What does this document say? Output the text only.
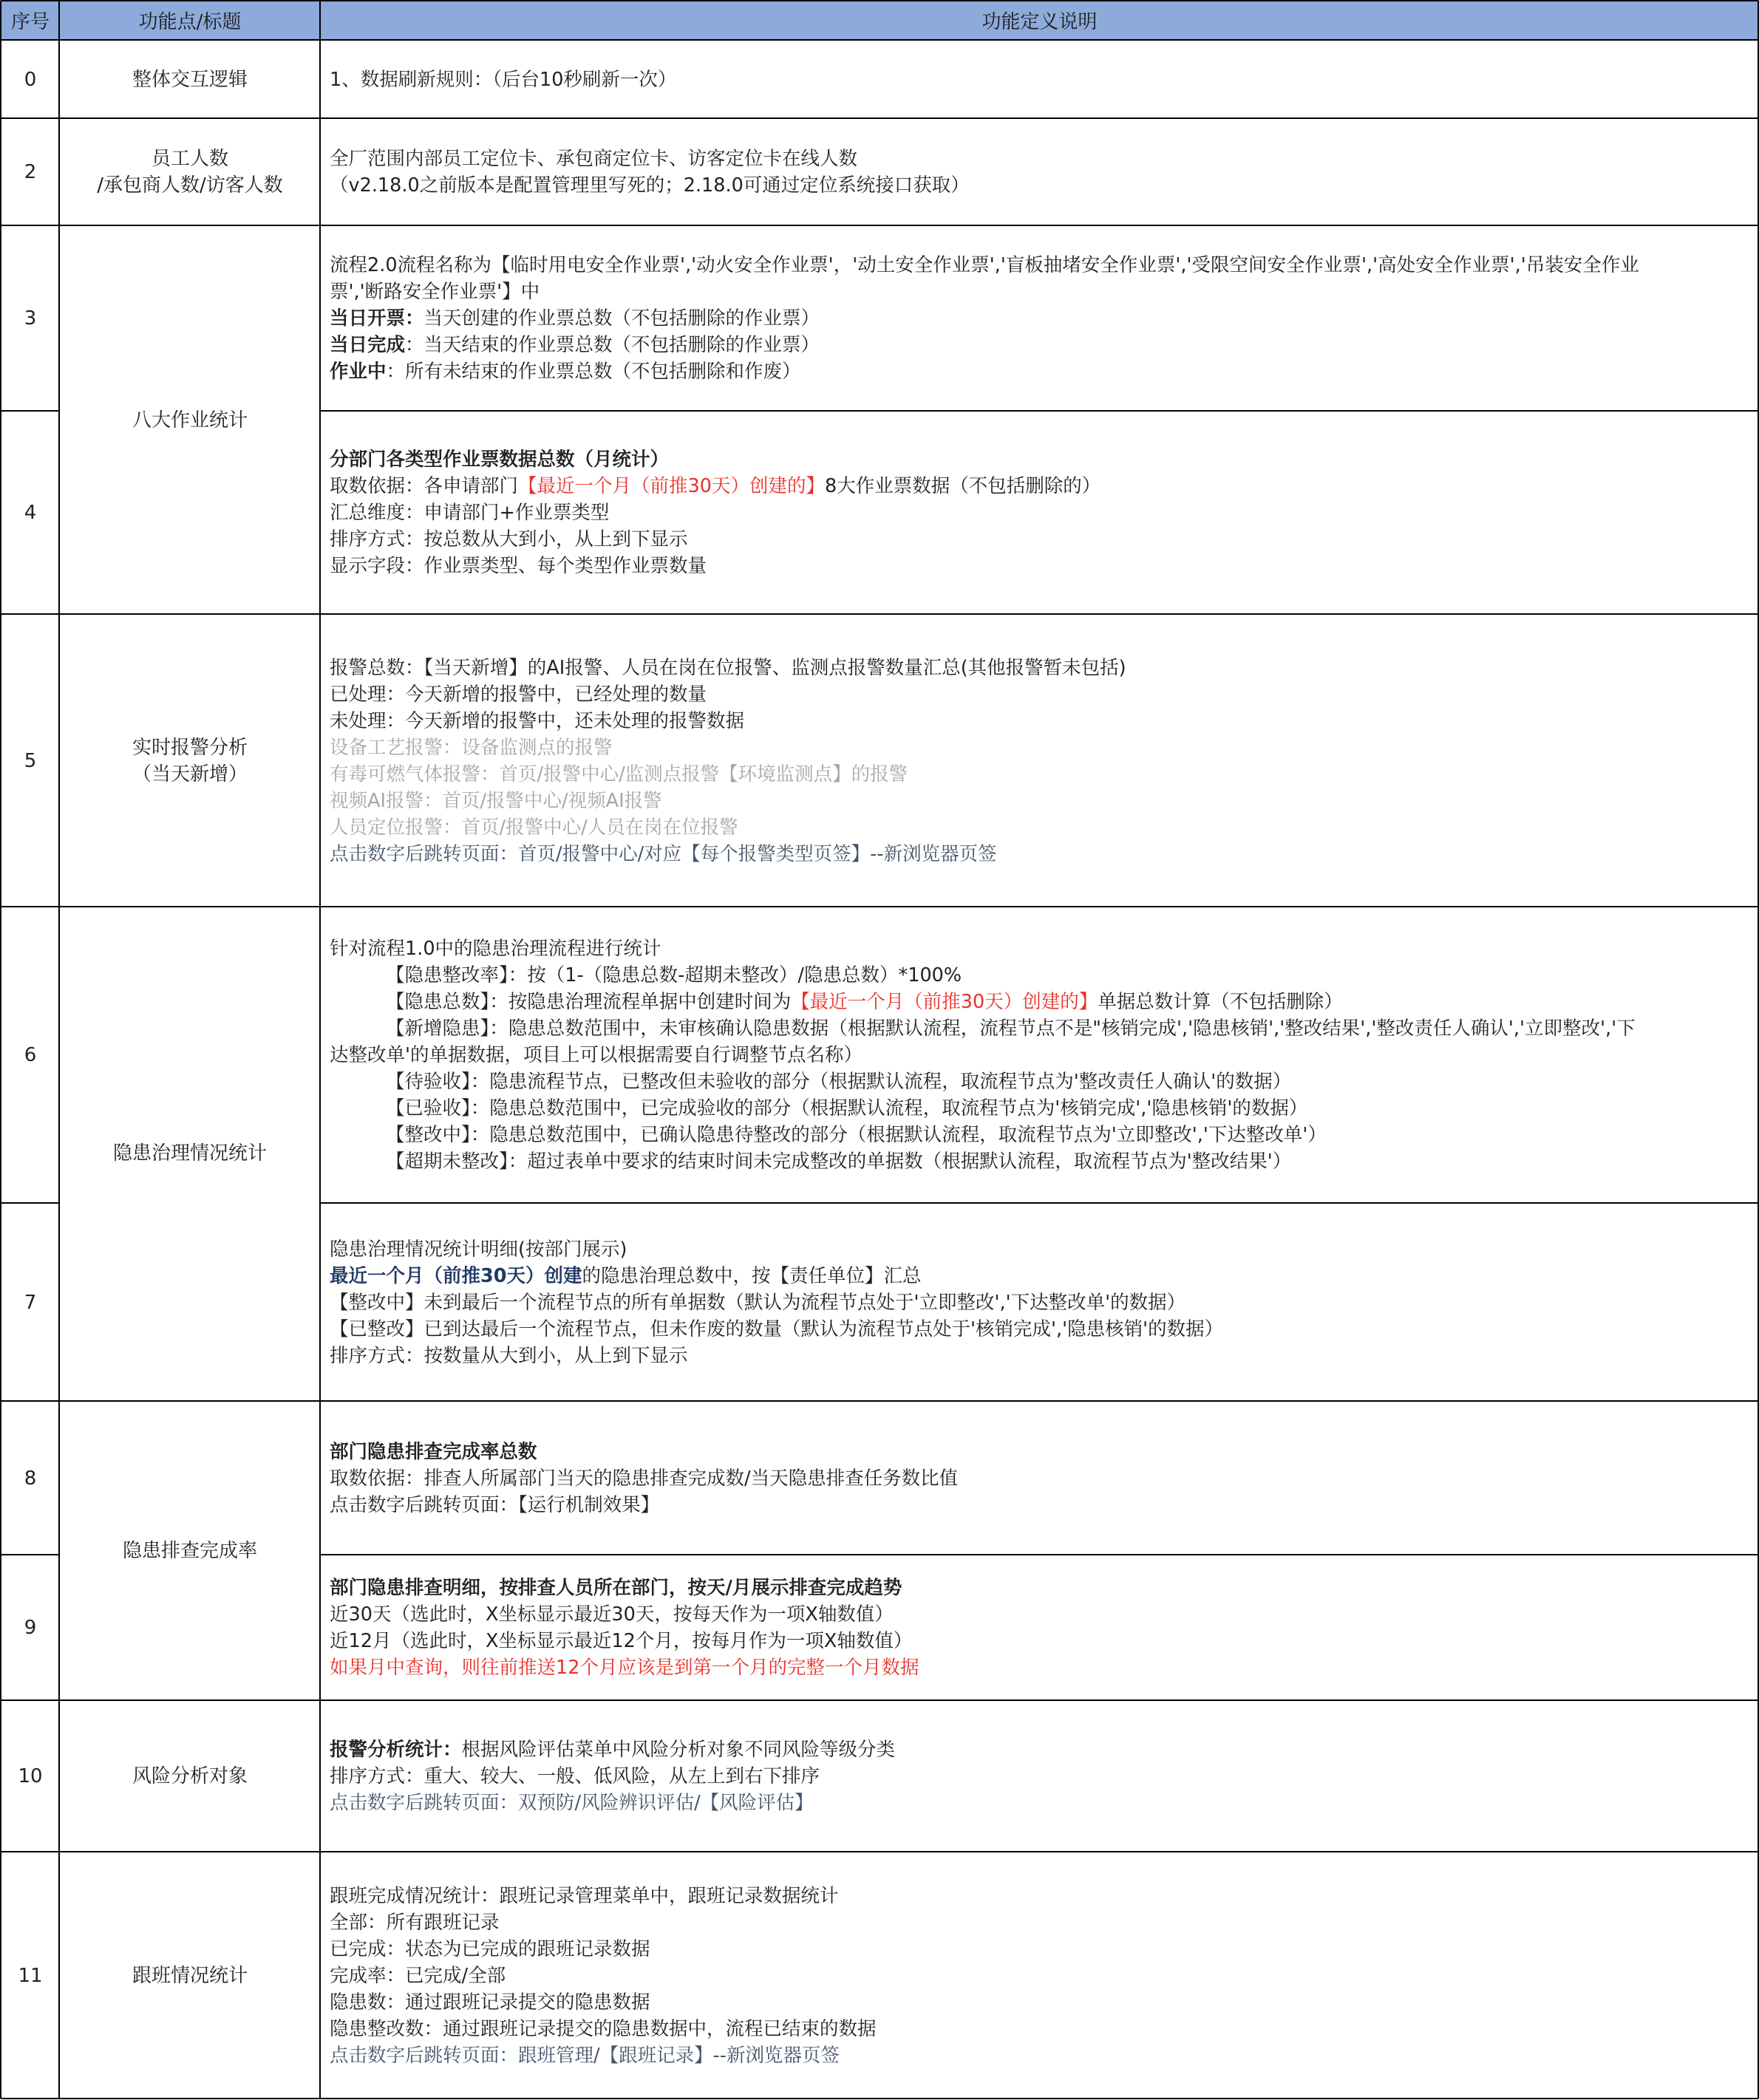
序号	功能点/标题	功能定义说明
0
2
3
4
5
6
7
8
9
10
11
整体交互逻辑
员工人数
/承包商人数/访客人数
八大作业统计
实时报警分析
（当天新增）
隐患治理情况统计
隐患排查完成率
风险分析对象
跟班情况统计
1、数据刷新规则：（后台10秒刷新一次）
全厂范围内部员工定位卡、承包商定位卡、访客定位卡在线人数
（v2.18.0之前版本是配置管理里写死的；2.18.0可通过定位系统接口获取）
流程2.0流程名称为【临时用电安全作业票','动火安全作业票'，'动土安全作业票','盲板抽堵安全作业票','受限空间安全作业票','高处安全作业票','吊装安全作业
票','断路安全作业票'】中
当日开票：当天创建的作业票总数（不包括删除的作业票）
当日完成：当天结束的作业票总数（不包括删除的作业票）
作业中：所有未结束的作业票总数（不包括删除和作废）
分部门各类型作业票数据总数（月统计）
取数依据：各申请部门【最近一个月（前推30天）创建的】8大作业票数据（不包括删除的）
汇总维度：申请部门+作业票类型
排序方式：按总数从大到小，从上到下显示
显示字段：作业票类型、每个类型作业票数量
报警总数：【当天新增】的AI报警、人员在岗在位报警、监测点报警数量汇总(其他报警暂未包括)
已处理：今天新增的报警中，已经处理的数量
未处理：今天新增的报警中，还未处理的报警数据
设备工艺报警：设备监测点的报警
有毒可燃气体报警：首页/报警中心/监测点报警【环境监测点】的报警
视频AI报警：首页/报警中心/视频AI报警
人员定位报警：首页/报警中心/人员在岗在位报警
点击数字后跳转页面：首页/报警中心/对应【每个报警类型页签】--新浏览器页签
针对流程1.0中的隐患治理流程进行统计
【隐患整改率】：按（1-（隐患总数-超期未整改）/隐患总数）*100%
【隐患总数】：按隐患治理流程单据中创建时间为【最近一个月（前推30天）创建的】单据总数计算（不包括删除）
【新增隐患】：隐患总数范围中，未审核确认隐患数据（根据默认流程，流程节点不是"核销完成','隐患核销','整改结果','整改责任人确认','立即整改','下
达整改单'的单据数据，项目上可以根据需要自行调整节点名称）
【待验收】：隐患流程节点，已整改但未验收的部分（根据默认流程，取流程节点为'整改责任人确认'的数据）
【已验收】：隐患总数范围中，已完成验收的部分（根据默认流程，取流程节点为'核销完成','隐患核销'的数据）
【整改中】：隐患总数范围中，已确认隐患待整改的部分（根据默认流程，取流程节点为'立即整改','下达整改单'）
【超期未整改】：超过表单中要求的结束时间未完成整改的单据数（根据默认流程，取流程节点为'整改结果'）
隐患治理情况统计明细(按部门展示)
最近一个月（前推30天）创建的隐患治理总数中，按【责任单位】汇总
【整改中】未到最后一个流程节点的所有单据数（默认为流程节点处于'立即整改','下达整改单'的数据）
【已整改】已到达最后一个流程节点，但未作废的数量（默认为流程节点处于'核销完成','隐患核销'的数据）
排序方式：按数量从大到小，从上到下显示
部门隐患排查完成率总数
取数依据：排查人所属部门当天的隐患排查完成数/当天隐患排查任务数比值
点击数字后跳转页面：【运行机制效果】
部门隐患排查明细，按排查人员所在部门，按天/月展示排查完成趋势
近30天（选此时，X坐标显示最近30天，按每天作为一项X轴数值）
近12月（选此时，X坐标显示最近12个月，按每月作为一项X轴数值）
如果月中查询，则往前推送12个月应该是到第一个月的完整一个月数据
报警分析统计：根据风险评估菜单中风险分析对象不同风险等级分类
排序方式：重大、较大、一般、低风险，从左上到右下排序
点击数字后跳转页面：双预防/风险辨识评估/【风险评估】
跟班完成情况统计：跟班记录管理菜单中，跟班记录数据统计
全部：所有跟班记录
已完成：状态为已完成的跟班记录数据
完成率：已完成/全部
隐患数：通过跟班记录提交的隐患数据
隐患整改数：通过跟班记录提交的隐患数据中，流程已结束的数据
点击数字后跳转页面：跟班管理/【跟班记录】--新浏览器页签
